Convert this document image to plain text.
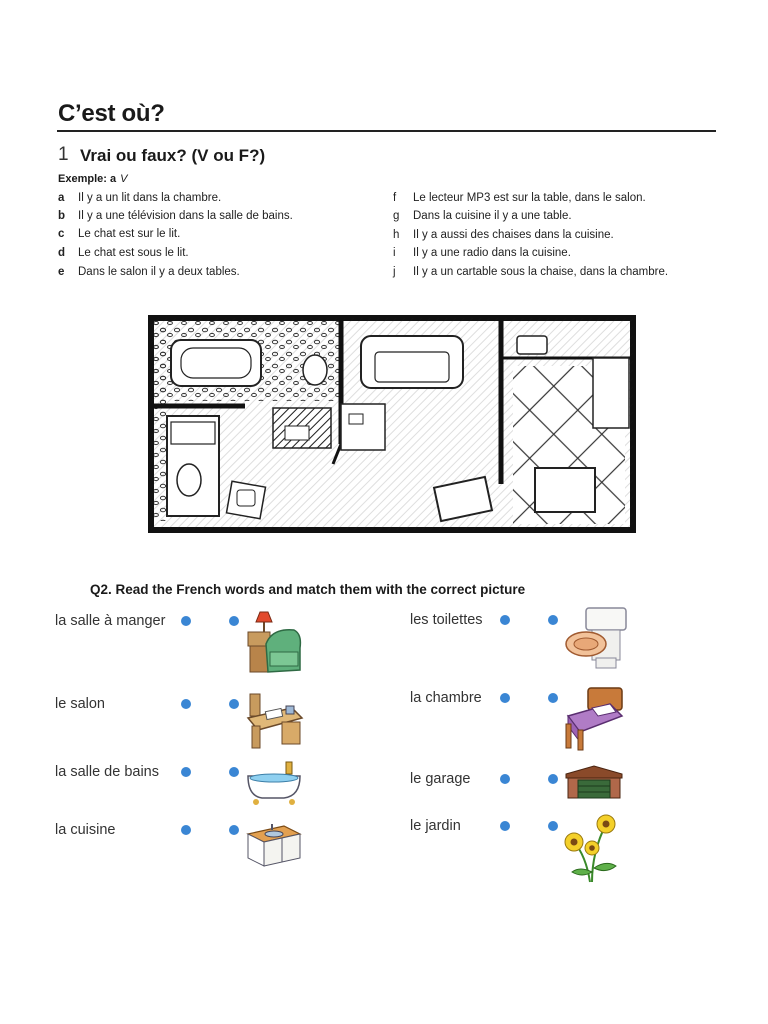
C’est où?
1 Vrai ou faux? (V ou F?)
Exemple: a V
a Il y a un lit dans la chambre.
b Il y a une télévision dans la salle de bains.
c Le chat est sur le lit.
d Le chat est sous le lit.
e Dans le salon il y a deux tables.
f Le lecteur MP3 est sur la table, dans le salon.
g Dans la cuisine il y a une table.
h Il y a aussi des chaises dans la cuisine.
i Il y a une radio dans la cuisine.
j Il y a un cartable sous la chaise, dans la chambre.
Q2. Read the French words and match them with the correct picture
la salle à manger
le salon
la salle de bains
la cuisine
les toilettes
la chambre
le garage
le jardin
